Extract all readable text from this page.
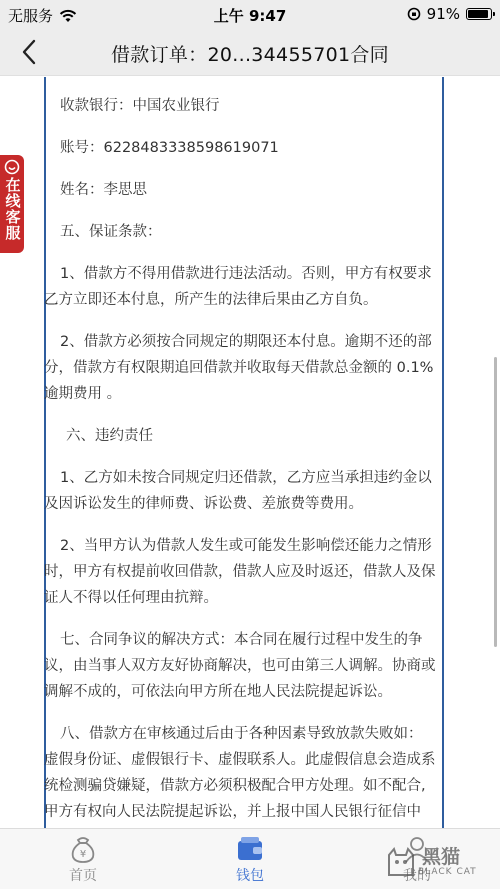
无服务	上午 9:47	91%
借款订单：20...34455701合同
收款银行：中国农业银行
账号：6228483338598619071
姓名：李思思
五、保证条款：
1、借款方不得用借款进行违法活动。否则，甲方有权要求
乙方立即还本付息，所产生的法律后果由乙方自负。
2、借款方必须按合同规定的期限还本付息。逾期不还的部
分，借款方有权限期追回借款并收取每天借款总金额的 0.1%
逾期费用 。
六、违约责任
1、乙方如未按合同规定归还借款，乙方应当承担违约金以
及因诉讼发生的律师费、诉讼费、差旅费等费用。
2、当甲方认为借款人发生或可能发生影响偿还能力之情形
时，甲方有权提前收回借款，借款人应及时返还，借款人及保
证人不得以任何理由抗辩。
七、合同争议的解决方式：本合同在履行过程中发生的争
议，由当事人双方友好协商解决，也可由第三人调解。协商或
调解不成的，可依法向甲方所在地人民法院提起诉讼。
八、借款方在审核通过后由于各种因素导致放款失败如：
虚假身份证、虚假银行卡、虚假联系人。此虚假信息会造成系
统检测骗贷嫌疑，借款方必须积极配合甲方处理。如不配合,
甲方有权向人民法院提起诉讼，并上报中国人民银行征信中
在线客服
¥
首页	钱包	我的
黑猫
BLACK CAT
